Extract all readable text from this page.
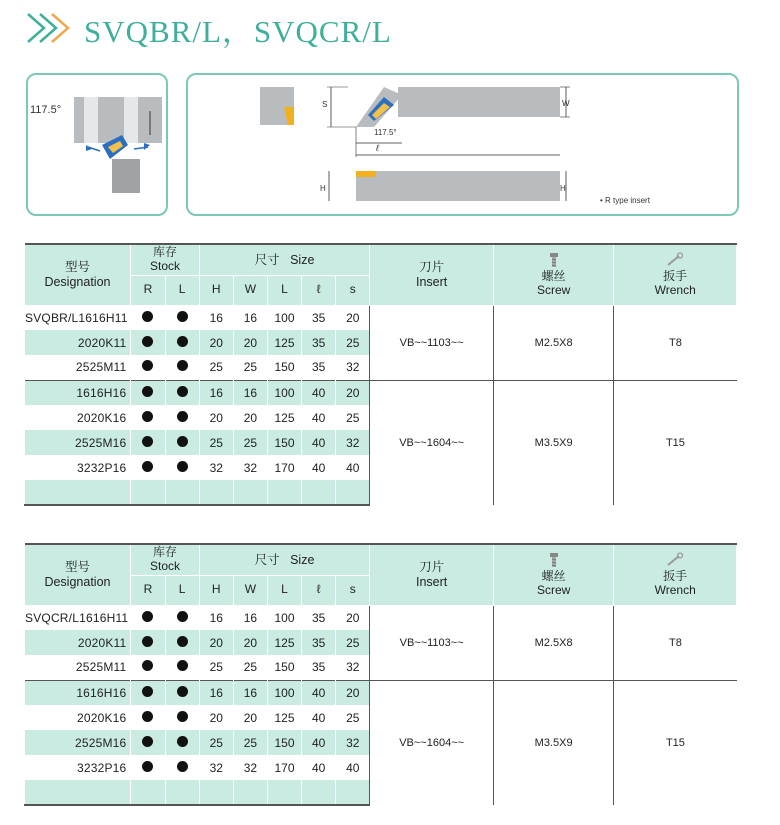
SVQBR/L，SVQCR/L
117.5°	S	W
117.5°
ℓ
H	H
• R type insert
型号
Designation	库存
Stock		尺寸 Size					刀片
Insert	螺丝
Screw	扳手
Wrench
	R	L	H	W	L	ℓ	s			
SVQBR/L1616H11			16	16	100	35	20	VB~~1103~~	M2.5X8	T8
2020K11			20	20	125	35	25			
2525M11			25	25	150	35	32			
1616H16			16	16	100	40	20	VB~~1604~~	M3.5X9	T15
2020K16			20	20	125	40	25			
2525M16			25	25	150	40	32			
3232P16			32	32	170	40	40			

型号
Designation	库存
Stock		尺寸 Size					刀片
Insert	螺丝
Screw	扳手
Wrench
	R	L	H	W	L	ℓ	s			
SVQCR/L1616H11			16	16	100	35	20	VB~~1103~~	M2.5X8	T8
2020K11			20	20	125	35	25			
2525M11			25	25	150	35	32			
1616H16			16	16	100	40	20	VB~~1604~~	M3.5X9	T15
2020K16			20	20	125	40	25			
2525M16			25	25	150	40	32			
3232P16			32	32	170	40	40			
